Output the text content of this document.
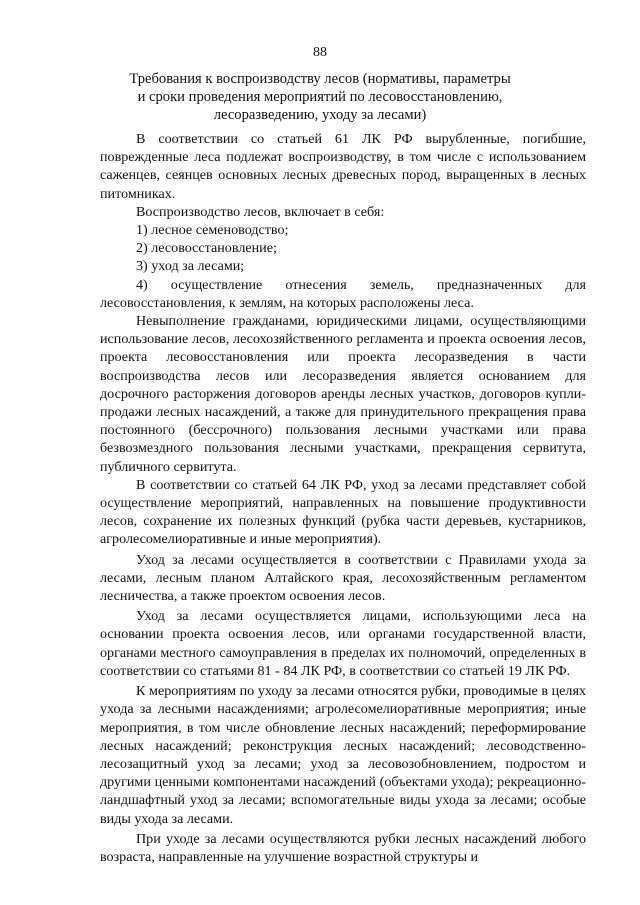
88
Требования к воспроизводству лесов (нормативы, параметры
и сроки проведения мероприятий по лесовосстановлению,
лесоразведению, уходу за лесами)

В соответствии со статьей 61 ЛК РФ вырубленные, погибшие, поврежденные леса подлежат воспроизводству, в том числе с использованием саженцев, сеянцев основных лесных древесных пород, выращенных в лесных питомниках.

Воспроизводство лесов, включает в себя:

1) лесное семеноводство;

2) лесовосстановление;

3) уход за лесами;

4) осуществление отнесения земель, предназначенных для лесовосстановления, к землям, на которых расположены леса.

Невыполнение гражданами, юридическими лицами, осуществляющими использование лесов, лесохозяйственного регламента и проекта освоения лесов, проекта лесовосстановления или проекта лесоразведения в части воспроизводства лесов или лесоразведения является основанием для досрочного расторжения договоров аренды лесных участков, договоров купли-продажи лесных насаждений, а также для принудительного прекращения права постоянного (бессрочного) пользования лесными участками или права безвозмездного пользования лесными участками, прекращения сервитута, публичного сервитута.

В соответствии со статьей 64 ЛК РФ, уход за лесами представляет собой осуществление мероприятий, направленных на повышение продуктивности лесов, сохранение их полезных функций (рубка части деревьев, кустарников, агролесомелиоративные и иные мероприятия).

Уход за лесами осуществляется в соответствии с Правилами ухода за лесами, лесным планом Алтайского края, лесохозяйственным регламентом лесничества, а также проектом освоения лесов.

Уход за лесами осуществляется лицами, использующими леса на основании проекта освоения лесов, или органами государственной власти, органами местного самоуправления в пределах их полномочий, определенных в соответствии со статьями 81 - 84 ЛК РФ, в соответствии со статьей 19 ЛК РФ.

К мероприятиям по уходу за лесами относятся рубки, проводимые в целях ухода за лесными насаждениями; агролесомелиоративные мероприятия; иные мероприятия, в том числе обновление лесных насаждений; переформирование лесных насаждений; реконструкция лесных насаждений; лесоводственно-лесозащитный уход за лесами; уход за лесовозобновлением, подростом и другими ценными компонентами насаждений (объектами ухода); рекреационно-ландшафтный уход за лесами; вспомогательные виды ухода за лесами; особые виды ухода за лесами.

При уходе за лесами осуществляются рубки лесных насаждений любого возраста, направленные на улучшение возрастной структуры и
